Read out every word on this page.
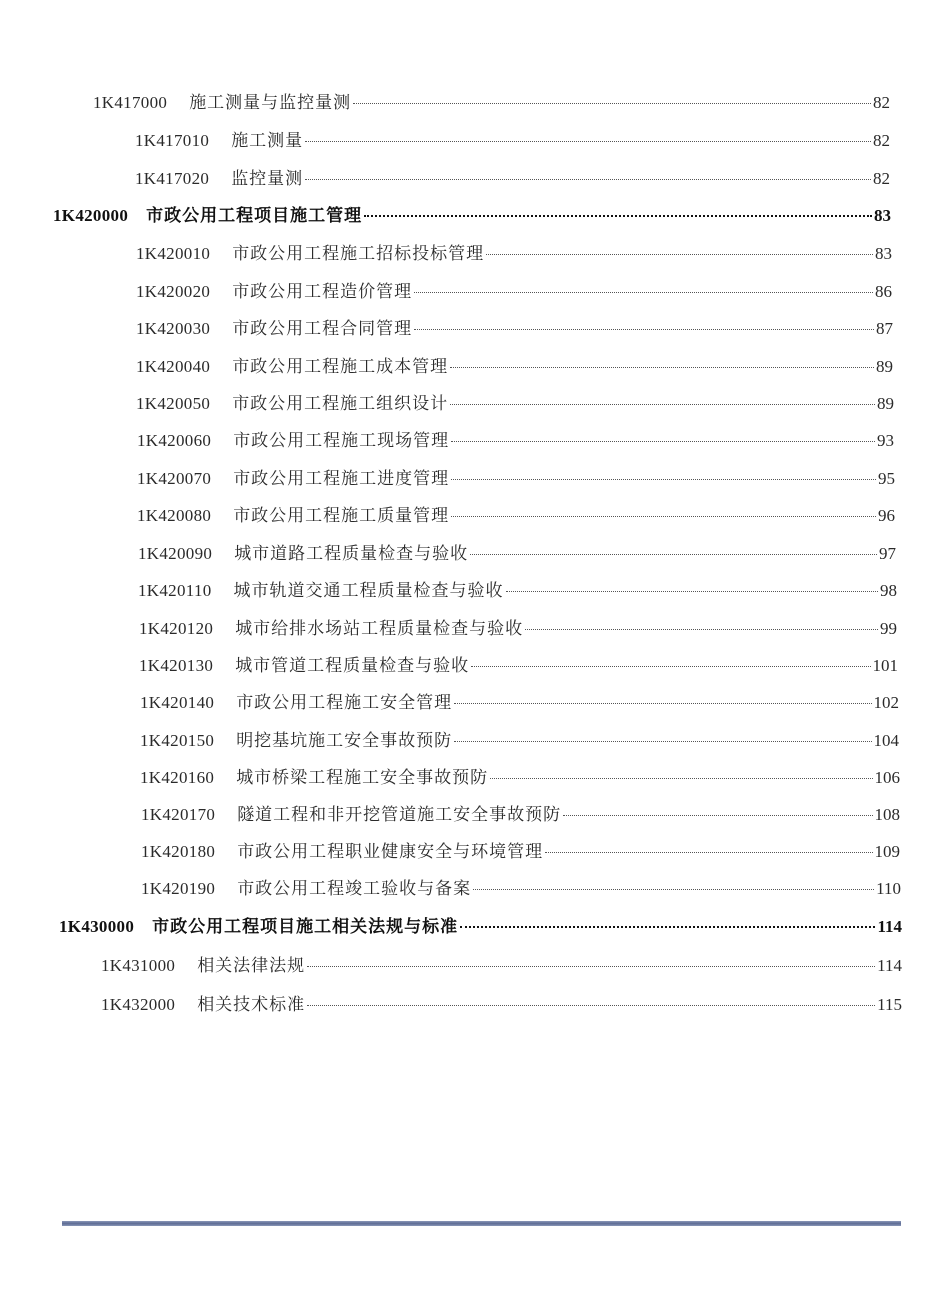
1K417000 施工测量与监控量测	82
1K417010 施工测量	82
1K417020 监控量测	82
1K420000 市政公用工程项目施工管理	83
1K420010 市政公用工程施工招标投标管理	83
1K420020 市政公用工程造价管理	86
1K420030 市政公用工程合同管理	87
1K420040 市政公用工程施工成本管理	89
1K420050 市政公用工程施工组织设计	89
1K420060 市政公用工程施工现场管理	93
1K420070 市政公用工程施工进度管理	95
1K420080 市政公用工程施工质量管理	96
1K420090 城市道路工程质量检查与验收	97
1K420110 城市轨道交通工程质量检查与验收	98
1K420120 城市给排水场站工程质量检查与验收	99
1K420130 城市管道工程质量检查与验收	101
1K420140 市政公用工程施工安全管理	102
1K420150 明挖基坑施工安全事故预防	104
1K420160 城市桥梁工程施工安全事故预防	106
1K420170 隧道工程和非开挖管道施工安全事故预防	108
1K420180 市政公用工程职业健康安全与环境管理	109
1K420190 市政公用工程竣工验收与备案	110
1K430000 市政公用工程项目施工相关法规与标准	114
1K431000 相关法律法规	114
1K432000 相关技术标准	115
